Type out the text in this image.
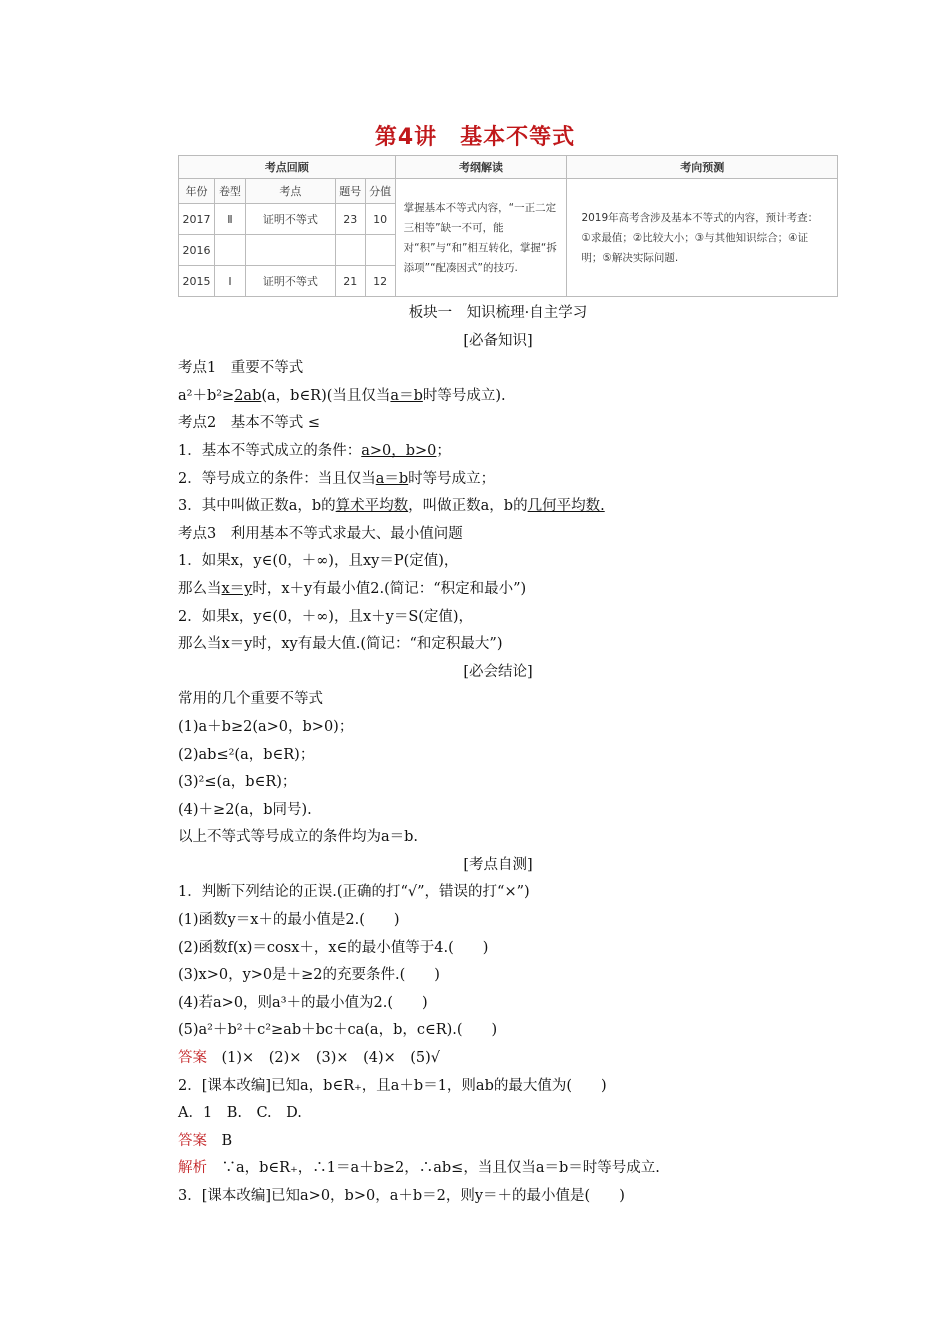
第4讲　基本不等式
考点回顾					考纲解读	考向预测
年份	卷型	考点	题号	分值	掌握基本不等式内容，“一正二定三相等”缺一不可，能对“积”与“和”相互转化，掌握“拆添项”“配凑因式”的技巧.	2019年高考含涉及基本不等式的内容，预计考查：①求最值；②比较大小；③与其他知识综合；④证明；⑤解决实际问题.
2017	Ⅱ	证明不等式	23	10		
2016						
2015	Ⅰ	证明不等式	21	12		
板块一　知识梳理·自主学习
[必备知识]
考点1　重要不等式
a²＋b²≥2ab(a，b∈R)(当且仅当a＝b时等号成立).
考点2　基本不等式 ≤
1．基本不等式成立的条件：a>0，b>0；
2．等号成立的条件：当且仅当a＝b时等号成立；
3．其中叫做正数a，b的算术平均数，叫做正数a，b的几何平均数.
考点3　利用基本不等式求最大、最小值问题
1．如果x，y∈(0，＋∞)，且xy＝P(定值)，
那么当x＝y时，x＋y有最小值2.(简记：“积定和最小”)
2．如果x，y∈(0，＋∞)，且x＋y＝S(定值)，
那么当x＝y时，xy有最大值.(简记：“和定积最大”)
[必会结论]
常用的几个重要不等式
(1)a＋b≥2(a>0，b>0)；
(2)ab≤²(a，b∈R)；
(3)²≤(a，b∈R)；
(4)＋≥2(a，b同号).
以上不等式等号成立的条件均为a＝b.
[考点自测]
1．判断下列结论的正误.(正确的打“√”，错误的打“×”)
(1)函数y＝x＋的最小值是2.(　　)
(2)函数f(x)＝cosx＋，x∈的最小值等于4.(　　)
(3)x>0，y>0是＋≥2的充要条件.(　　)
(4)若a>0，则a³＋的最小值为2.(　　)
(5)a²＋b²＋c²≥ab＋bc＋ca(a，b，c∈R).(　　)
答案　(1)×　(2)×　(3)×　(4)×　(5)√
2．[课本改编]已知a，b∈R₊，且a＋b＝1，则ab的最大值为(　　)
A．1　B.　C.　D.
答案　B
解析　∵a，b∈R₊，∴1＝a＋b≥2，∴ab≤，当且仅当a＝b＝时等号成立.
3．[课本改编]已知a>0，b>0，a＋b＝2，则y＝＋的最小值是(　　)
